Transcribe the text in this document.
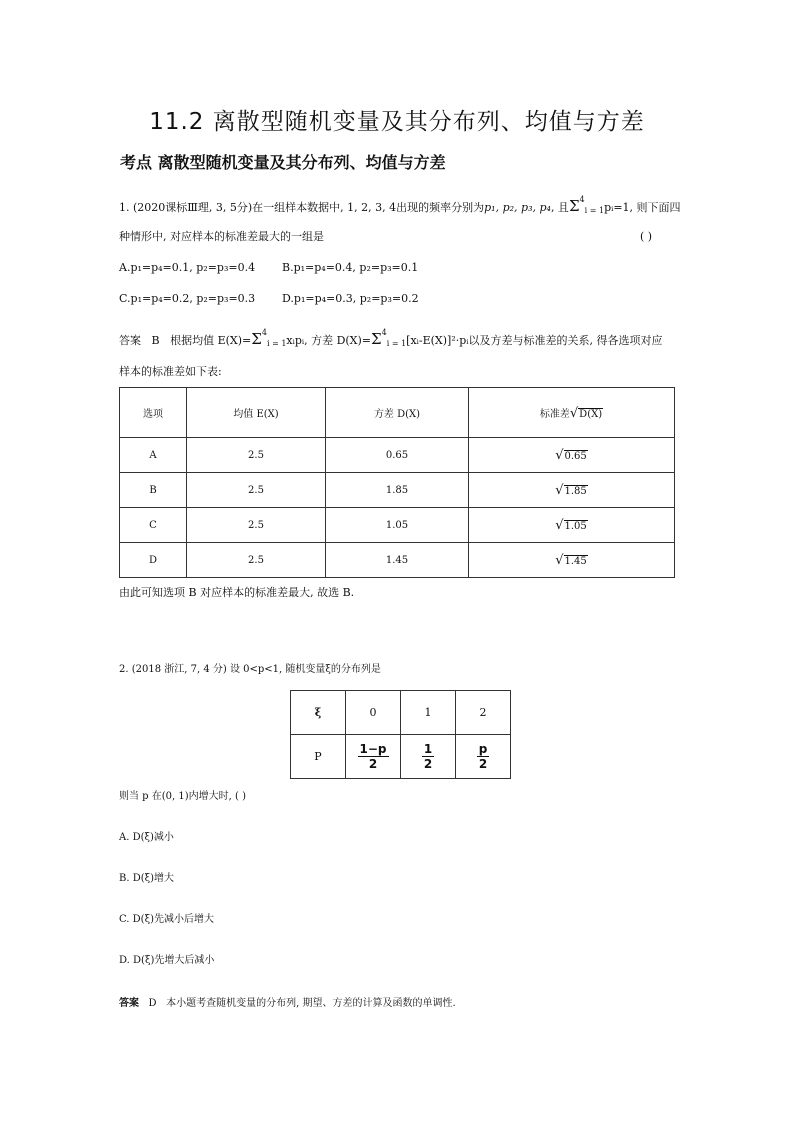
11.2 离散型随机变量及其分布列、均值与方差
考点 离散型随机变量及其分布列、均值与方差
1. (2020课标Ⅲ理, 3, 5分)在一组样本数据中, 1, 2, 3, 4出现的频率分别为p₁, p₂, p₃, p₄, 且$\Sigma^4_{i = 1}pᵢ=1$, 则下面四
种情形中, 对应样本的标准差最大的一组是	( )
A.p₁=p₄=0.1, p₂=p₃=0.4 B.p₁=p₄=0.4, p₂=p₃=0.1
C.p₁=p₄=0.2, p₂=p₃=0.3 D.p₁=p₄=0.3, p₂=p₃=0.2
答案 B 根据均值 $E(X)=\Sigma^4_{i = 1}xᵢpᵢ$, 方差 $D(X)=\Sigma^4_{i = 1}[xᵢ-E(X)]^2\cdot pᵢ$以及方差与标准差的关系, 得各选项对应
样本的标准差如下表:
选项	均值 E(X)	方差 D(X)	标准差√D(X)
A	2.5	0.65	√0.65
B	2.5	1.85	√1.85
C	2.5	1.05	√1.05
D	2.5	1.45	√1.45
由此可知选项 B 对应样本的标准差最大, 故选 B.
2. (2018 浙江, 7, 4 分) 设 0<p<1, 随机变量ξ的分布列是
ξ	0	1	2
P	$\frac{1-p}{2}$	$\frac{1}{2}$	$\frac{p}{2}$
则当 p 在(0, 1)内增大时, ( )
A. D(ξ)减小
B. D(ξ)增大
C. D(ξ)先减小后增大
D. D(ξ)先增大后减小
答案 D 本小题考查随机变量的分布列, 期望、方差的计算及函数的单调性.
